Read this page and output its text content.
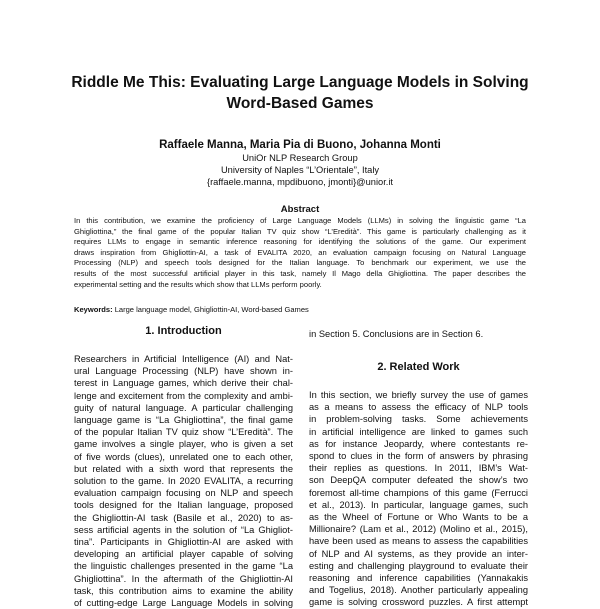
Riddle Me This: Evaluating Large Language Models in Solving
Word-Based Games
Raffaele Manna, Maria Pia di Buono, Johanna Monti
UniOr NLP Research Group
University of Naples “L’Orientale”, Italy
{raffaele.manna, mpdibuono, jmonti}@unior.it
Abstract
In this contribution, we examine the proficiency of Large Language Models (LLMs) in solving the linguistic game “La
Ghigliottina,” the final game of the popular Italian TV quiz show “L’Eredità”. This game is particularly challenging as it
requires LLMs to engage in semantic inference reasoning for identifying the solutions of the game. Our experiment
draws inspiration from Ghigliottin-AI, a task of EVALITA 2020, an evaluation campaign focusing on Natural Language
Processing (NLP) and speech tools designed for the Italian language. To benchmark our experiment, we use the
results of the most successful artificial player in this task, namely Il Mago della Ghigliottina. The paper describes the
experimental setting and the results which show that LLMs perform poorly.
Keywords: Large language model, Ghigliottin-AI, Word-based Games
1. Introduction
Researchers in Artificial Intelligence (AI) and Nat-
ural Language Processing (NLP) have shown in-
terest in Language games, which derive their chal-
lenge and excitement from the complexity and ambi-
guity of natural language. A particular challenging
language game is “La Ghigliottina”, the final game
of the popular Italian TV quiz show “L’Eredità”. The
game involves a single player, who is given a set
of five words (clues), unrelated one to each other,
but related with a sixth word that represents the
solution to the game. In 2020 EVALITA, a recurring
evaluation campaign focusing on NLP and speech
tools designed for the Italian language, proposed
the Ghigliottin-AI task (Basile et al., 2020) to as-
sess artificial agents in the solution of “La Ghigliot-
tina”. Participants in Ghigliottin-AI are asked with
developing an artificial player capable of solving
the linguistic challenges presented in the game “La
Ghigliottina”. In the aftermath of the Ghigliottin-AI
task, this contribution aims to examine the ability
of cutting-edge Large Language Models in solving
in Section 5. Conclusions are in Section 6.
2. Related Work
In this section, we briefly survey the use of games
as a means to assess the efficacy of NLP tools
in problem-solving tasks. Some achievements
in artificial intelligence are linked to games such
as for instance Jeopardy, where contestants re-
spond to clues in the form of answers by phrasing
their replies as questions. In 2011, IBM’s Wat-
son DeepQA computer defeated the show’s two
foremost all-time champions of this game (Ferrucci
et al., 2013). In particular, language games, such
as the Wheel of Fortune or Who Wants to be a
Millionaire? (Lam et al., 2012) (Molino et al., 2015),
have been used as means to assess the capabilities
of NLP and AI systems, as they provide an inter-
esting and challenging playground to evaluate their
reasoning and inference capabilities (Yannakakis
and Togelius, 2018). Another particularly appealing
game is solving crossword puzzles. A first attempt
